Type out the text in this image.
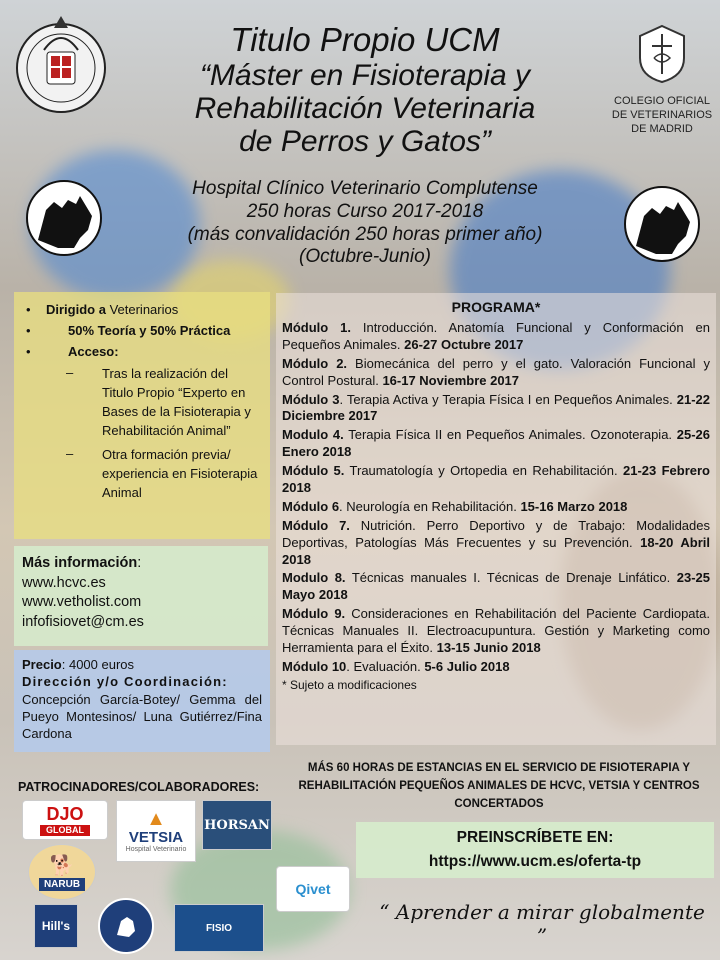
Titulo Propio UCM
“Máster en Fisioterapia y
Rehabilitación Veterinaria
de Perros y Gatos”
Hospital Clínico Veterinario Complutense
250 horas Curso 2017-2018
(más convalidación 250 horas primer año)
(Octubre-Junio)
COLEGIO OFICIAL
DE VETERINARIOS
DE MADRID
•	Dirigido a Veterinarios
•	50% Teoría y 50% Práctica
•	Acceso:
–	Tras la realización del Titulo Propio “Experto en Bases de la Fisioterapia y Rehabilitación Animal”
–	Otra formación previa/ experiencia en Fisioterapia Animal
Más información:
www.hcvc.es
www.vetholist.com
infofisiovet@cm.es
Precio: 4000 euros
Dirección y/o Coordinación:
Concepción García-Botey/ Gemma del Pueyo Montesinos/ Luna Gutiérrez/Fina Cardona
PROGRAMA*
Módulo 1. Introducción. Anatomía Funcional y Conformación en Pequeños Animales. 26-27 Octubre 2017
Módulo 2. Biomecánica del perro y el gato. Valoración Funcional y Control Postural. 16-17 Noviembre 2017
Módulo 3. Terapia Activa y Terapia Física I en Pequeños Animales. 21-22 Diciembre 2017
Modulo 4. Terapia Física II en Pequeños Animales. Ozonoterapia. 25-26 Enero 2018
Módulo 5. Traumatología y Ortopedia en Rehabilitación. 21-23 Febrero 2018
Módulo 6. Neurología en Rehabilitación. 15-16 Marzo 2018
Módulo 7. Nutrición. Perro Deportivo y de Trabajo: Modalidades Deportivas, Patologías Más Frecuentes y su Prevención. 18-20 Abril 2018
Modulo 8. Técnicas manuales I. Técnicas de Drenaje Linfático. 23-25 Mayo 2018
Módulo 9. Consideraciones en Rehabilitación del Paciente Cardiopata. Técnicas Manuales II. Electroacupuntura. Gestión y Marketing como Herramienta para el Éxito. 13-15 Junio 2018
Módulo 10. Evaluación. 5-6 Julio 2018
* Sujeto a modificaciones
MÁS 60 HORAS DE ESTANCIAS EN EL SERVICIO DE FISIOTERAPIA Y REHABILITACIÓN PEQUEÑOS ANIMALES DE HCVC, VETSIA Y CENTROS CONCERTADOS
PREINSCRÍBETE EN:
https://www.ucm.es/oferta-tp
“ Aprender a mirar globalmente ”
PATROCINADORES/COLABORADORES:
DJO
GLOBAL	▲
VETSIA
Hospital Veterinario
HORSAN
🐕
NARUB
Hill's	FISIO
Qivet
